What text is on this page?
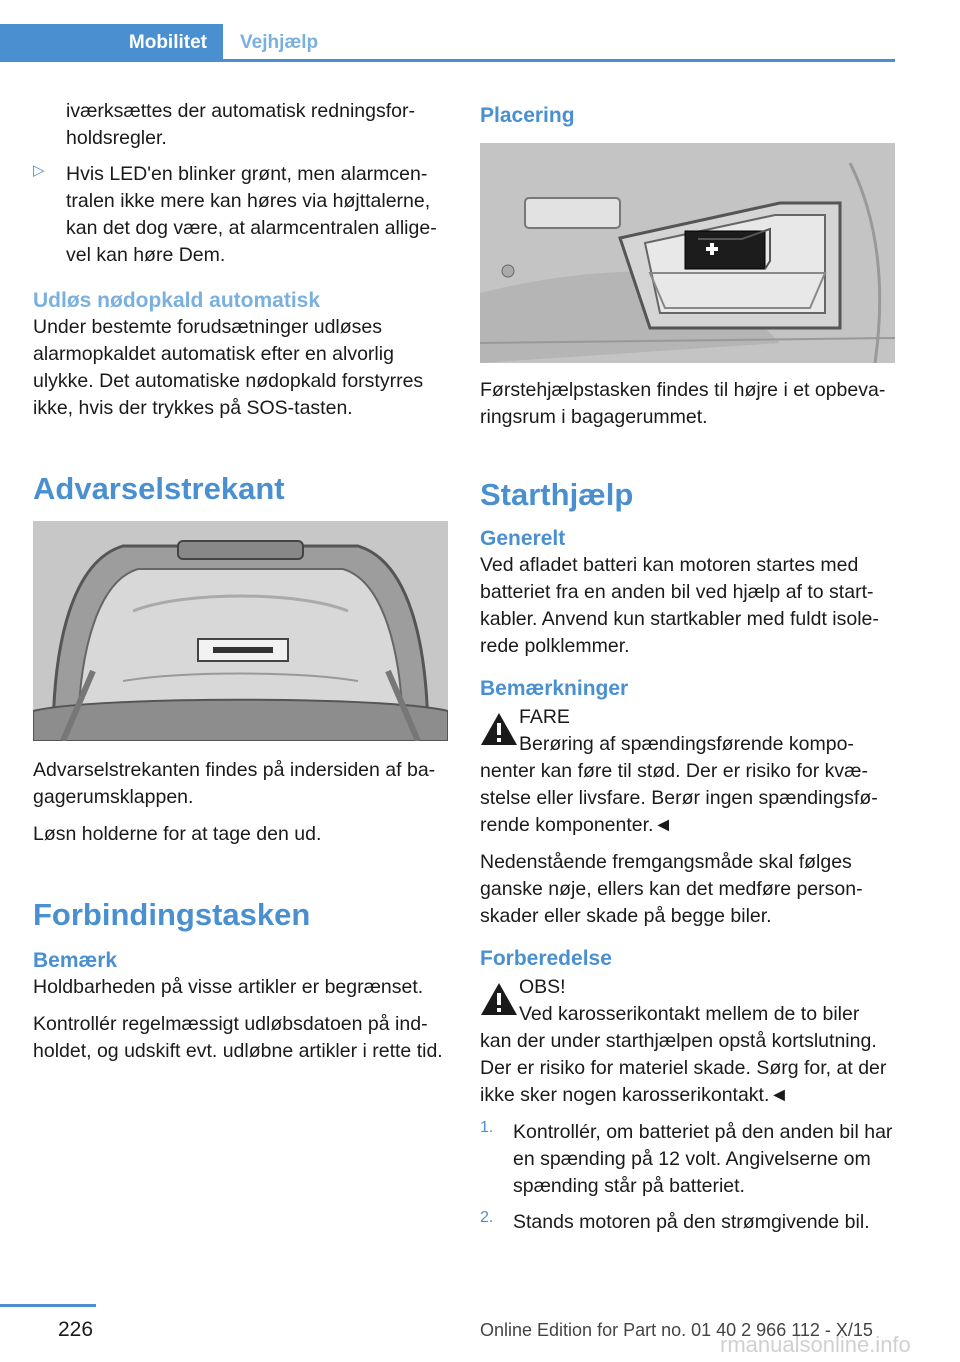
Mobilitet	Vejhjælp

iværksættes der automatisk redningsforholdsregler.

▷ Hvis LED'en blinker grønt, men alarmcentralen ikke mere kan høres via højttalerne, kan det dog være, at alarmcentralen alligevel kan høre Dem.

Udløs nødopkald automatisk

Under bestemte forudsætninger udløses alarmopkaldet automatisk efter en alvorlig ulykke. Det automatiske nødopkald forstyrres ikke, hvis der trykkes på SOS-tasten.

Advarselstrekant

Advarselstrekanten findes på indersiden af bagagerumsklappen.

Løsn holderne for at tage den ud.

Forbindingstasken
Bemærk

Holdbarheden på visse artikler er begrænset.

Kontrollér regelmæssigt udløbsdatoen på indholdet, og udskift evt. udløbne artikler i rette tid.

Placering

Førstehjælpstasken findes til højre i et opbevaringsrum i bagagerummet.

Starthjælp
Generelt

Ved afladet batteri kan motoren startes med batteriet fra en anden bil ved hjælp af to startkabler. Anvend kun startkabler med fuldt isolerede polklemmer.

Bemærkninger

FARE

Berøring af spændingsførende komponenter kan føre til stød. Der er risiko for kvæstelse eller livsfare. Berør ingen spændingsførende komponenter.◄

Nedenstående fremgangsmåde skal følges ganske nøje, ellers kan det medføre personskader eller skade på begge biler.

Forberedelse

OBS!

Ved karosserikontakt mellem de to biler kan der under starthjælpen opstå kortslutning. Der er risiko for materiel skade. Sørg for, at der ikke sker nogen karosserikontakt.◄

1. Kontrollér, om batteriet på den anden bil har en spænding på 12 volt. Angivelserne om spænding står på batteriet.

2. Stands motoren på den strømgivende bil.

226	Online Edition for Part no. 01 40 2 966 112 - X/15
rmanualsonline.info
